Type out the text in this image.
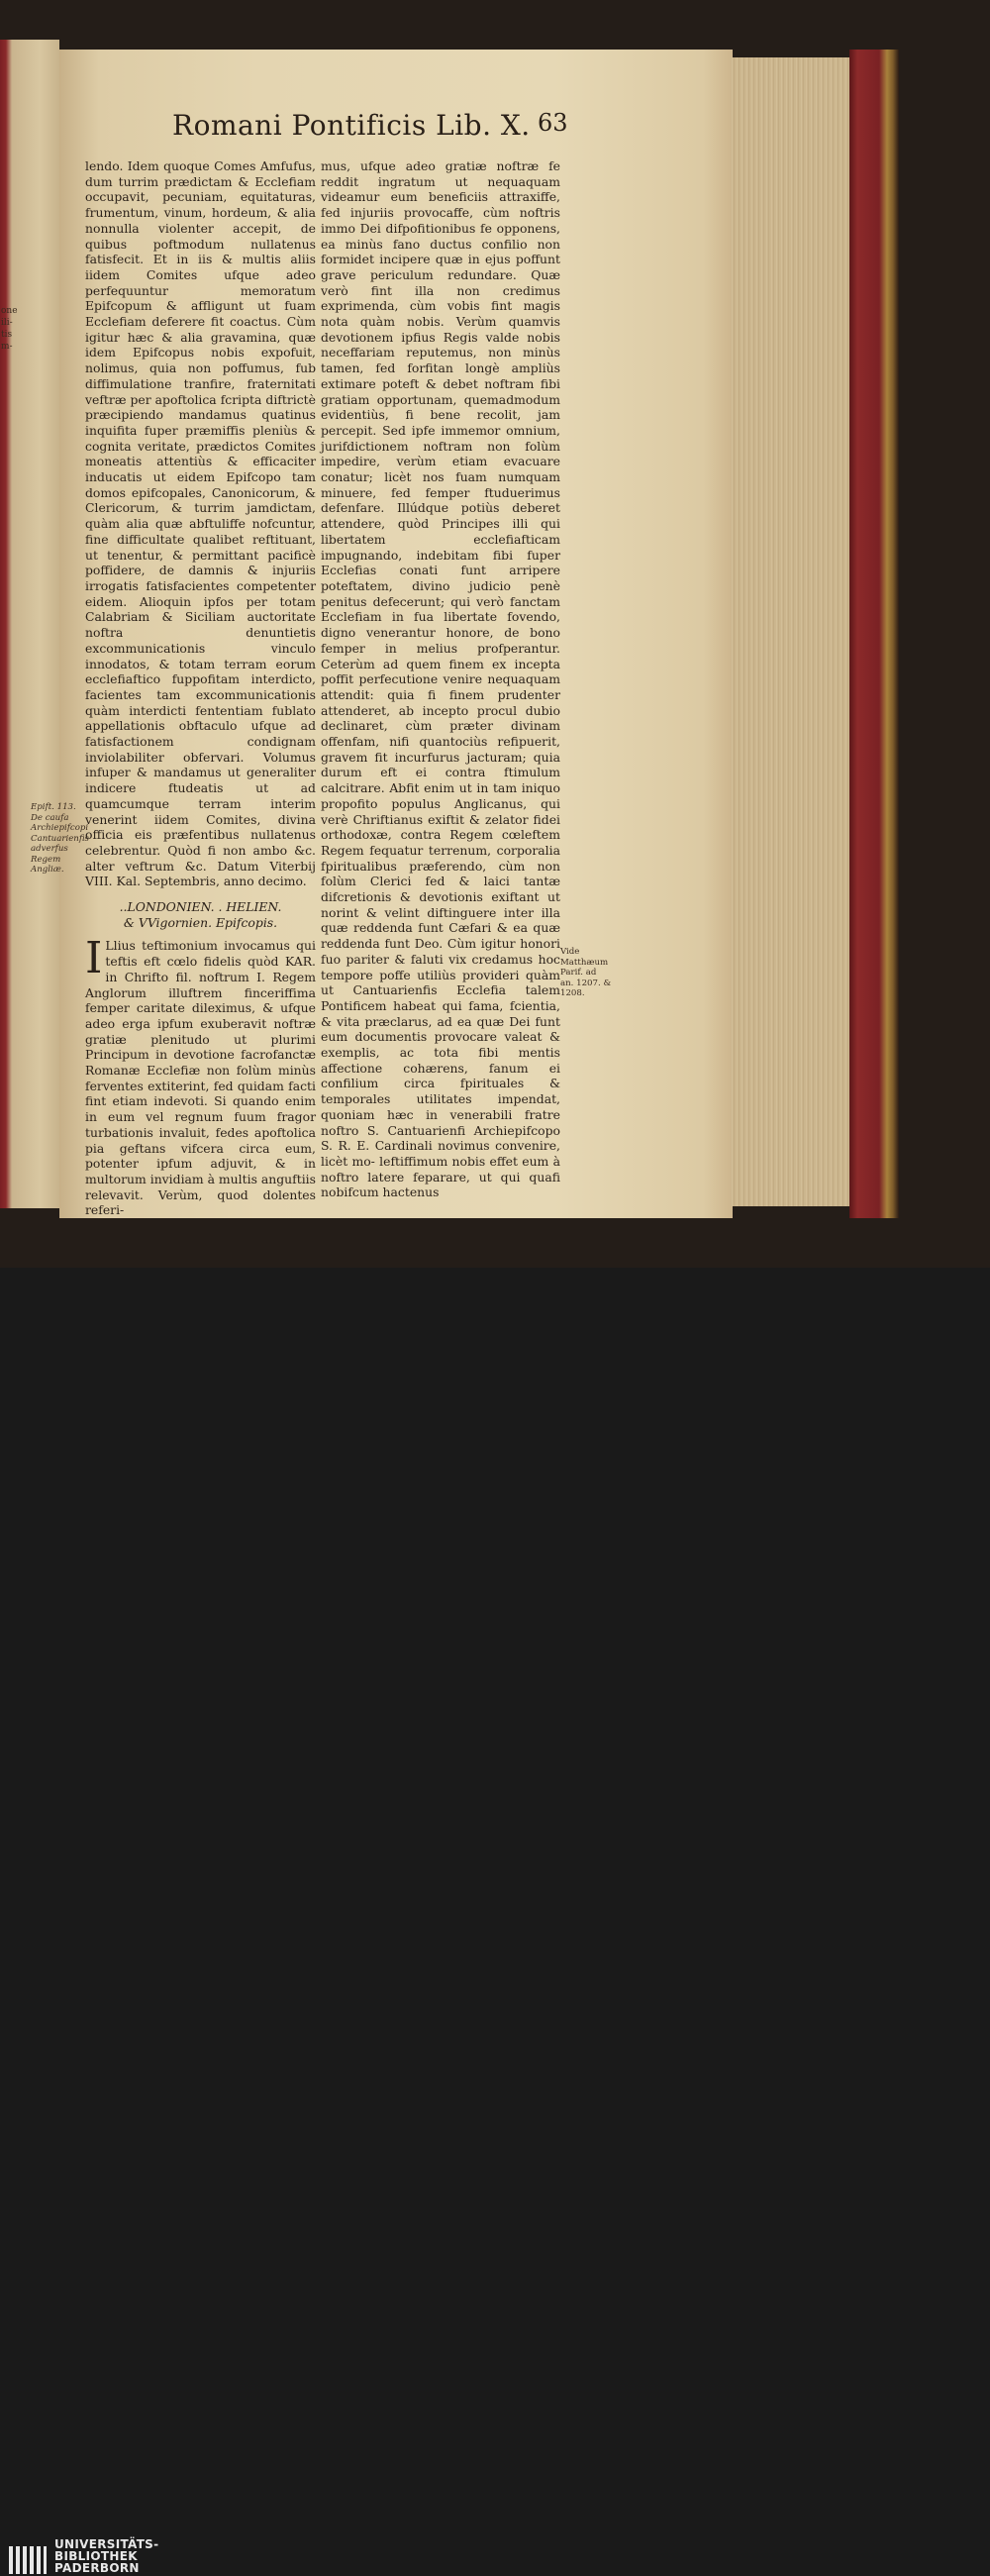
one ili- tis m-
Romani Pontificis Lib. X. 63

lendo. Idem quoque Comes Amfufus, dum turrim prædictam & Ecclefiam occupavit, pecuniam, equitaturas, frumentum, vinum, hordeum, & alia nonnulla violenter accepit, de quibus poftmodum nullatenus fatisfecit. Et in iis & multis aliis iidem Comites ufque adeo perfequuntur memoratum Epifcopum & affligunt ut fuam Ecclefiam deferere fit coactus. Cùm igitur hæc & alia gravamina, quæ idem Epifcopus nobis expofuit, nolimus, quia non poffumus, fub diffimulatione tranfire, fraternitati veftræ per apoftolica fcripta diftrictè præcipiendo mandamus quatinus inquifita fuper præmiffis pleniùs & cognita veritate, prædictos Comites moneatis attentiùs & efficaciter inducatis ut eidem Epifcopo tam domos epifcopales, Canonicorum, & Clericorum, & turrim jamdictam, quàm alia quæ abftuliffe nofcuntur, fine difficultate qualibet reftituant, ut tenentur, & permittant pacificè poffidere, de damnis & injuriis irrogatis fatisfacientes competenter eidem. Alioquin ipfos per totam Calabriam & Siciliam auctoritate noftra denuntietis excommunicationis vinculo innodatos, & totam terram eorum ecclefiaftico fuppofitam interdicto, facientes tam excommunicationis quàm interdicti fententiam fublato appellationis obftaculo ufque ad fatisfactionem condignam inviolabiliter obfervari. Volumus infuper & mandamus ut generaliter indicere ftudeatis ut ad quamcumque terram interim venerint iidem Comites, divina officia eis præfentibus nullatenus celebrentur. Quòd fi non ambo &c. alter veftrum &c. Datum Viterbij VIII. Kal. Septembris, anno decimo.

..LONDONIEN. . HELIEN.
& VVigornien. Epifcopis.

I Llius teftimonium invocamus qui teftis eft cœlo fidelis quòd KAR. in Chrifto fil. noftrum I. Regem Anglorum illuftrem finceriffima femper caritate dileximus, & ufque adeo erga ipfum exuberavit noftræ gratiæ plenitudo ut plurimi Principum in devotione facrofanctæ Romanæ Ecclefiæ non folùm minùs ferventes extiterint, fed quidam facti fint etiam indevoti. Si quando enim in eum vel regnum fuum fragor turbationis invaluit, fedes apoftolica pia geftans vifcera circa eum, potenter ipfum adjuvit, & in multorum invidiam à multis anguftiis relevavit. Verùm, quod dolentes referi-

mus, ufque adeo gratiæ noftræ fe reddit ingratum ut nequaquam videamur eum beneficiis attraxiffe, fed injuriis provocaffe, cùm noftris immo Dei difpofitionibus fe opponens, ea minùs fano ductus confilio non formidet incipere quæ in ejus poffunt grave periculum redundare. Quæ verò fint illa non credimus exprimenda, cùm vobis fint magis nota quàm nobis. Verùm quamvis devotionem ipfius Regis valde nobis neceffariam reputemus, non minùs tamen, fed forfitan longè ampliùs extimare poteft & debet noftram fibi gratiam opportunam, quemadmodum evidentiùs, fi bene recolit, jam percepit. Sed ipfe immemor omnium, jurifdictionem noftram non folùm impedire, verùm etiam evacuare conatur; licèt nos fuam numquam minuere, fed femper ftuduerimus defenfare. Illúdque potiùs deberet attendere, quòd Principes illi qui libertatem ecclefiafticam impugnando, indebitam fibi fuper Ecclefias conati funt arripere poteftatem, divino judicio penè penitus defecerunt; qui verò fanctam Ecclefiam in fua libertate fovendo, digno venerantur honore, de bono femper in melius profperantur. Ceterùm ad quem finem ex incepta poffit perfecutione venire nequaquam attendit: quia fi finem prudenter attenderet, ab incepto procul dubio declinaret, cùm præter divinam offenfam, nifi quantociùs refipuerit, gravem fit incurfurus jacturam; quia durum eft ei contra ftimulum calcitrare. Abfit enim ut in tam iniquo propofito populus Anglicanus, qui verè Chriftianus exiftit & zelator fidei orthodoxæ, contra Regem cœleftem Regem fequatur terrenum, corporalia fpiritualibus præferendo, cùm non folùm Clerici fed & laici tantæ difcretionis & devotionis exiftant ut norint & velint diftinguere inter illa quæ reddenda funt Cæfari & ea quæ reddenda funt Deo. Cùm igitur honori fuo pariter & faluti vix credamus hoc tempore poffe utiliùs provideri quàm ut Cantuarienfis Ecclefia talem Pontificem habeat qui fama, fcientia, & vita præclarus, ad ea quæ Dei funt eum documentis provocare valeat & exemplis, ac tota fibi mentis affectione cohærens, fanum ei confilium circa fpirituales & temporales utilitates impendat, quoniam hæc in venerabili fratre noftro S. Cantuarienfi Archiepifcopo S. R. E. Cardinali novimus convenire, licèt mo- leftiffimum nobis effet eum à noftro latere feparare, ut qui quafi nobifcum hactenus

Epift. 113. De caufa Archiepifcopi Cantuarienfis adverfus Regem Angliæ.
Vide Matthæum Parif. ad an. 1207. & 1208.
UNIVERSITÄTS-
BIBLIOTHEK
PADERBORN
